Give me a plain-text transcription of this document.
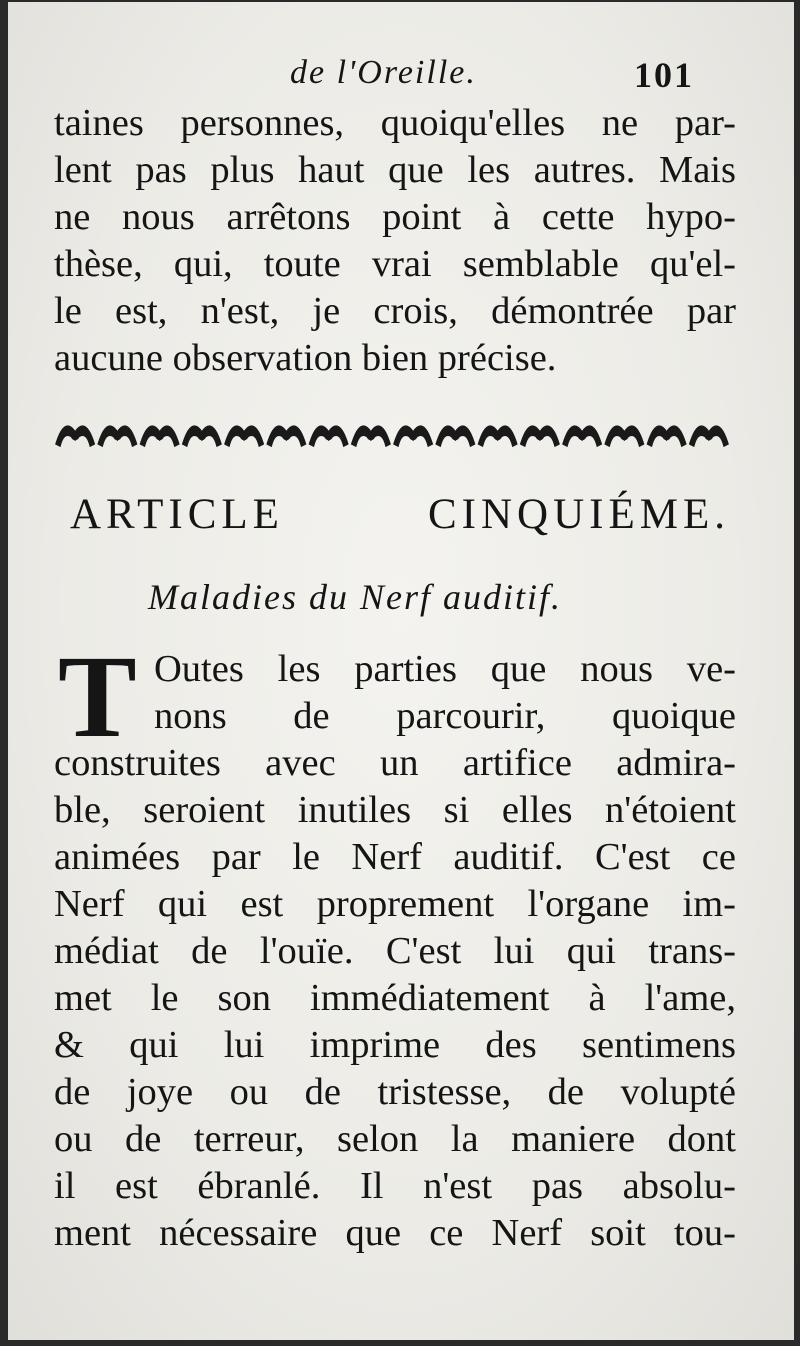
de l'Oreille.	101
taines personnes, quoiqu'elles ne par-
lent pas plus haut que les autres. Mais
ne nous arrêtons point à cette hypo-
thèse, qui, toute vrai semblable qu'el-
le est, n'est, je crois, démontrée par
aucune observation bien précise.
ARTICLE CINQUIÉME.
Maladies du Nerf auditif.
T Outes les parties que nous ve-
nons de parcourir, quoique
construites avec un artifice admira-
ble, seroient inutiles si elles n'étoient
animées par le Nerf auditif. C'est ce
Nerf qui est proprement l'organe im-
médiat de l'ouïe. C'est lui qui trans-
met le son immédiatement à l'ame,
& qui lui imprime des sentimens
de joye ou de tristesse, de volupté
ou de terreur, selon la maniere dont
il est ébranlé. Il n'est pas absolu-
ment nécessaire que ce Nerf soit tou-
